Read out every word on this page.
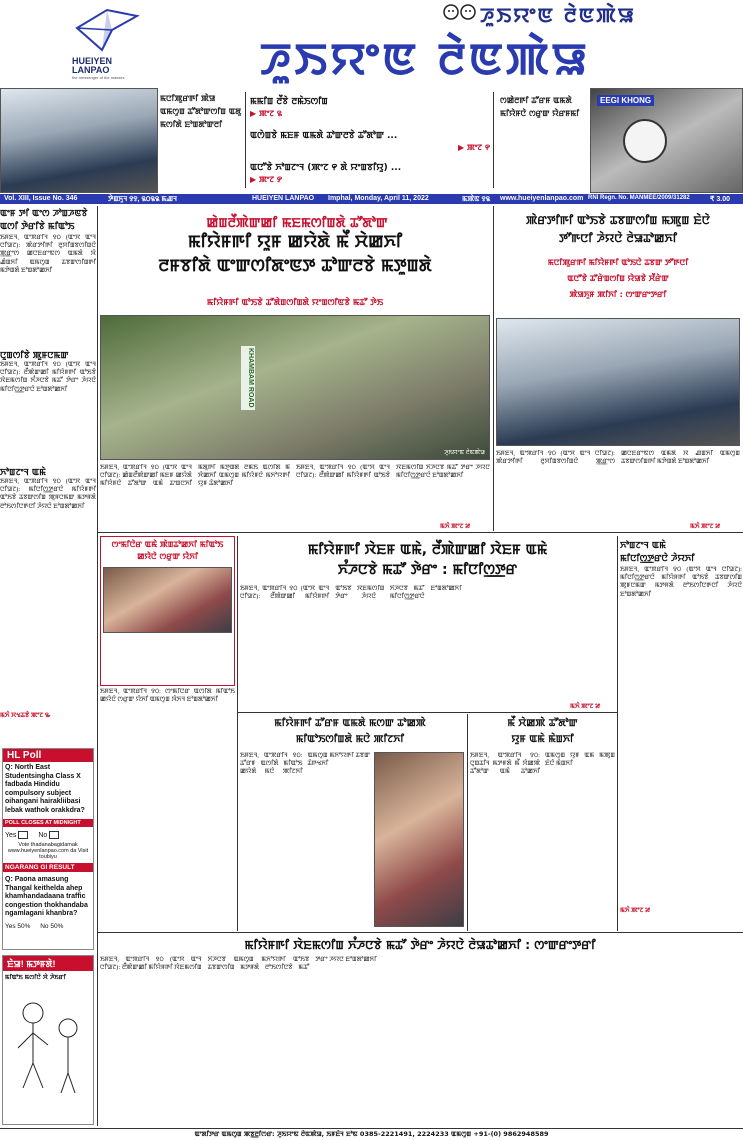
HUEIYEN LANPAO
the messenger of the masses
ꯍꯨꯏꯌꯦꯟ ꯂꯥꯟꯄꯥꯎ
ꯍꯨꯏꯌꯦꯟ ꯂꯥꯟꯄꯥꯎ
ꯃꯅꯤꯄꯨꯔꯒꯤ ꯄꯥꯎ ꯑꯃꯁꯨꯡ ꯊꯧꯗꯣꯛꯁꯤꯡ ꯑꯗꯨ ꯃꯁꯤꯗꯥ ꯐꯣꯡꯗꯣꯛꯂꯤ
ꯃꯃꯤꯡ ꯂꯩꯕꯥ ꯂꯃꯥꯏꯁꯤꯡ
▶ ꯄꯦꯖ ꯲
ꯑꯁꯥꯡꯕꯥ ꯃꯐꯝ ꯑꯃꯗꯥ ꯊꯣꯛꯂꯕꯥ ꯊꯧꯗꯣꯛ ...
▶ ꯄꯦꯖ ꯵
ꯑꯅꯧꯕꯥ ꯈꯣꯡꯖꯦꯜ (ꯄꯦꯖ ꯵ ꯗꯥ ꯌꯦꯡꯕꯤꯌꯨ) ...
▶ ꯄꯦꯖ ꯸
ꯁꯀꯥꯂꯒꯤ ꯊꯧꯔꯝ ꯑꯃꯗꯥ ꯃꯤꯌꯥꯝꯅꯥ ꯁꯔꯨꯛ ꯌꯥꯔꯝꯃꯤ
EEGI KHONG
Vol. XIII, Issue No. 346	ꯇꯥꯡꯈꯨꯜ ꯱꯱, ꯲꯰꯲꯲ ꯃꯉꯜ	HUEIYEN LANPAO Imphal, Monday, April 11, 2022	ꯃꯄꯥꯟ ꯱꯲ www.hueiyenlanpao.com RNI Regn. No. MANMEE/2009/31282	₹ 3.00
ꯑꯦꯝ ꯇꯤ ꯑꯦꯁ ꯍꯣꯡꯍꯟꯕꯥ
ꯑꯁꯤ ꯇꯥꯔꯤꯕꯥ ꯃꯤꯑꯣꯏ
ꯏꯝꯐꯥꯜ, ꯑꯦꯞꯔꯤꯜ ꯱꯰ (ꯑꯦꯆ ꯑꯦꯜ ꯅꯤꯎꯖ): ꯄꯥꯔꯇꯤꯒꯤ ꯂꯨꯆꯤꯡꯕꯁꯤꯡꯅꯥ ꯄ꯭ꯔꯦꯁ ꯀꯅꯐꯔꯦꯟꯁ ꯑꯃꯗꯥ ꯋꯥ ꯉꯥꯡꯈꯤ ꯑꯃꯁꯨꯡ ꯊꯕꯛꯁꯤꯡꯒꯤ ꯃꯇꯥꯡꯗꯥ ꯐꯣꯡꯗꯣꯀꯈꯤ
ꯅꯨꯡꯁꯤꯕꯥ ꯄꯨꯝꯅꯃꯛ
ꯏꯝꯐꯥꯜ, ꯑꯦꯞꯔꯤꯜ ꯱꯰ (ꯑꯦꯆ ꯑꯦꯜ ꯅꯤꯎꯖ): ꯂꯩꯄꯥꯛꯀꯤ ꯃꯤꯌꯥꯝꯒꯤ ꯑꯣꯏꯕꯥ ꯋꯥꯐꯃꯁꯤꯡ ꯈꯪꯍꯅꯕꯥ ꯃꯊꯧ ꯇꯥꯔꯦ ꯍꯥꯌꯅꯥ ꯃꯤꯅꯤꯁ꯭ꯇꯔꯅꯥ ꯐꯣꯡꯗꯣꯀꯈꯤ
ꯈꯣꯡꯖꯦꯜ ꯑꯃꯥ
ꯏꯝꯐꯥꯜ, ꯑꯦꯞꯔꯤꯜ ꯱꯰ (ꯑꯦꯆ ꯑꯦꯜ ꯅꯤꯎꯖ): ꯃꯤꯅꯤꯁ꯭ꯇꯔꯅꯥ ꯃꯤꯌꯥꯝꯒꯤ ꯑꯣꯏꯕꯥ ꯊꯕꯛꯁꯤꯡ ꯄꯨꯝꯅꯃꯛ ꯃꯇꯝꯗꯥ ꯂꯣꯏꯁꯤꯅꯒꯅꯤ ꯍꯥꯌꯅꯥ ꯐꯣꯡꯗꯣꯀꯈꯤ
ꯃꯈꯥ ꯆꯠꯊꯕꯥ ꯄꯦꯖ ꯳
HL Poll
Q: North East Studentsingha Class X fadbada Hindidu compulsory subject oihangani hairakliibasi lebak wathok orakkdra?
POLL CLOSES AT MIDNIGHT
Yes	No
Vote thadanabagidamak www.hueiyenlanpao.com da Visit toubiyu
NGARANG GI RESULT
Q: Paona amasung Thangal keithelda ahep khamhandadaana traffic congestion thokhandaba ngamlagani khanbra?
Yes 50% No 50%
ꯐꯥꯎ! ꯃꯇꯝꯗꯥ!
ꯃꯤꯑꯣꯏ ꯃꯁꯤꯅꯥ ꯋꯥ ꯍꯥꯏꯔꯤ
ꯀꯥꯡꯂꯩꯄꯥꯛꯀꯤ ꯃꯐꯃꯁꯤꯡꯗꯥ ꯊꯧꯗꯣꯛ
ꯃꯤꯌꯥꯝꯒꯤ ꯌꯨꯝ ꯀꯌꯥꯗꯥ ꯃꯩ ꯆꯥꯀꯈꯤ
ꯂꯝꯕꯤꯗꯥ ꯑꯦꯛꯁꯤꯗꯦꯟꯇ ꯊꯣꯛꯂꯕꯥ ꯃꯇꯨꯡꯗꯥ
ꯃꯤꯌꯥꯝꯒꯤ ꯑꯣꯏꯕꯥ ꯊꯧꯗꯥꯡꯁꯤꯡꯗꯥ ꯌꯦꯡꯁꯤꯟꯕꯥ ꯃꯊꯧ ꯇꯥꯏ
KHAMBAM ROAD
ꯍꯨꯏꯌꯦꯟ ꯂꯥꯟꯄꯥꯎ
ꯏꯝꯐꯥꯜ, ꯑꯦꯞꯔꯤꯜ ꯱꯰ (ꯑꯦꯆ ꯑꯦꯜ ꯅꯤꯎꯖ): ꯀꯥꯡꯂꯩꯄꯥꯛꯀꯤ ꯃꯐꯝ ꯀꯌꯥꯗꯥ ꯃꯤꯌꯥꯝꯅꯥ ꯊꯧꯗꯣꯛ ꯑꯃꯥ ꯊꯦꯡꯅꯈꯤ ꯃꯗꯨꯒꯤ ꯃꯇꯨꯡꯗꯥ ꯂꯃꯥꯏ ꯑꯁꯤꯗꯥ ꯃꯩ ꯆꯥꯀꯈꯤ ꯑꯃꯁꯨꯡ ꯃꯤꯌꯥꯝꯅꯥ ꯃꯈꯣꯌꯒꯤ ꯌꯨꯝ ꯊꯥꯗꯣꯀꯈꯤ
ꯏꯝꯐꯥꯜ, ꯑꯦꯞꯔꯤꯜ ꯱꯰ (ꯑꯦꯆ ꯑꯦꯜ ꯅꯤꯎꯖ): ꯂꯩꯄꯥꯛꯀꯤ ꯃꯤꯌꯥꯝꯒꯤ ꯑꯣꯏꯕꯥ ꯋꯥꯐꯃꯁꯤꯡ ꯈꯪꯍꯅꯕꯥ ꯃꯊꯧ ꯇꯥꯔꯦ ꯍꯥꯌꯅꯥ ꯃꯤꯅꯤꯁ꯭ꯇꯔꯅꯥ ꯐꯣꯡꯗꯣꯀꯈꯤ
ꯃꯈꯥ ꯄꯦꯖ ꯷
ꯄꯥꯔꯇꯤꯒꯤ ꯑꯣꯏꯕꯥ ꯊꯕꯛꯁꯤꯡ ꯃꯄꯨꯡ ꯐꯥꯅꯥ
ꯇꯧꯒꯅꯤ ꯍꯥꯌꯅꯥ ꯂꯥꯎꯊꯣꯀꯈꯤ
ꯃꯅꯤꯄꯨꯔꯒꯤ ꯃꯤꯌꯥꯝꯒꯤ ꯑꯣꯏꯅꯥ ꯊꯕꯛ ꯇꯧꯒꯅꯤ
ꯑꯅꯧꯕꯥ ꯊꯧꯔꯥꯡꯁꯤꯡ ꯌꯥꯎꯕꯥ ꯆꯩꯔꯥꯛ
ꯄꯥꯎꯈꯨꯝ ꯄꯤꯈꯤ : ꯁꯦꯛꯔꯦꯇꯔꯤ
ꯏꯝꯐꯥꯜ, ꯑꯦꯞꯔꯤꯜ ꯱꯰ (ꯑꯦꯆ ꯑꯦꯜ ꯅꯤꯎꯖ): ꯄꯥꯔꯇꯤꯒꯤ ꯂꯨꯆꯤꯡꯕꯁꯤꯡꯅꯥ ꯄ꯭ꯔꯦꯁ ꯀꯅꯐꯔꯦꯟꯁ ꯑꯃꯗꯥ ꯋꯥ ꯉꯥꯡꯈꯤ ꯑꯃꯁꯨꯡ ꯊꯕꯛꯁꯤꯡꯒꯤ ꯃꯇꯥꯡꯗꯥ ꯐꯣꯡꯗꯣꯀꯈꯤ
ꯃꯈꯥ ꯄꯦꯖ ꯷
ꯁꯦꯃꯤꯅꯥꯔ ꯑꯃꯥ ꯄꯥꯡꯊꯣꯀꯈꯤ ꯃꯤꯑꯣꯏ ꯀꯌꯥꯅꯥ ꯁꯔꯨꯛ ꯌꯥꯈꯤ
ꯏꯝꯐꯥꯜ, ꯑꯦꯞꯔꯤꯜ ꯱꯰: ꯁꯦꯃꯤꯅꯥꯔ ꯑꯁꯤꯗꯥ ꯃꯤꯑꯣꯏ ꯀꯌꯥꯅꯥ ꯁꯔꯨꯛ ꯌꯥꯈꯤ ꯑꯃꯁꯨꯡ ꯋꯥꯈꯜ ꯐꯣꯡꯗꯣꯀꯈꯤ
ꯃꯤꯌꯥꯝꯒꯤ ꯋꯥꯐꯝ ꯑꯃꯥ, ꯂꯩꯄꯥꯛꯀꯤ ꯋꯥꯐꯝ ꯑꯃꯥ
ꯈꯪꯍꯅꯕꯥ ꯃꯊꯧ ꯇꯥꯔꯦ : ꯃꯤꯅꯤꯁ꯭ꯇꯔ
ꯏꯝꯐꯥꯜ, ꯑꯦꯞꯔꯤꯜ ꯱꯰ (ꯑꯦꯆ ꯑꯦꯜ ꯅꯤꯎꯖ): ꯂꯩꯄꯥꯛꯀꯤ ꯃꯤꯌꯥꯝꯒꯤ ꯑꯣꯏꯕꯥ ꯋꯥꯐꯃꯁꯤꯡ ꯈꯪꯍꯅꯕꯥ ꯃꯊꯧ ꯇꯥꯔꯦ ꯍꯥꯌꯅꯥ ꯃꯤꯅꯤꯁ꯭ꯇꯔꯅꯥ ꯐꯣꯡꯗꯣꯀꯈꯤ
ꯃꯈꯥ ꯄꯦꯖ ꯷
ꯈꯣꯡꯖꯦꯜ ꯑꯃꯥ
ꯃꯤꯅꯤꯁ꯭ꯇꯔꯅꯥ ꯍꯥꯌꯈꯤ
ꯏꯝꯐꯥꯜ, ꯑꯦꯞꯔꯤꯜ ꯱꯰ (ꯑꯦꯆ ꯑꯦꯜ ꯅꯤꯎꯖ): ꯃꯤꯅꯤꯁ꯭ꯇꯔꯅꯥ ꯃꯤꯌꯥꯝꯒꯤ ꯑꯣꯏꯕꯥ ꯊꯕꯛꯁꯤꯡ ꯄꯨꯝꯅꯃꯛ ꯃꯇꯝꯗꯥ ꯂꯣꯏꯁꯤꯅꯒꯅꯤ ꯍꯥꯌꯅꯥ ꯐꯣꯡꯗꯣꯀꯈꯤ
ꯃꯈꯥ ꯄꯦꯖ ꯷
ꯃꯤꯌꯥꯝꯒꯤ ꯊꯧꯔꯝ ꯑꯃꯗꯥ ꯃꯁꯛ ꯊꯣꯀꯄꯥ
ꯃꯤꯑꯣꯏꯁꯤꯡꯗꯥ ꯃꯅꯥ ꯄꯤꯖꯈꯤ
ꯏꯝꯐꯥꯜ, ꯑꯦꯞꯔꯤꯜ ꯱꯰: ꯊꯧꯔꯝ ꯑꯁꯤꯗꯥ ꯃꯤꯑꯣꯏ ꯀꯌꯥꯗꯥ ꯃꯅꯥ ꯄꯤꯖꯈꯤ ꯑꯃꯁꯨꯡ ꯃꯈꯣꯌꯒꯤ ꯊꯕꯛ ꯊꯥꯒꯠꯈꯤ
ꯃꯩ ꯆꯥꯀꯄꯥ ꯊꯧꯗꯣꯛ
ꯌꯨꯝ ꯑꯃꯥ ꯃꯥꯡꯈꯤ
ꯏꯝꯐꯥꯜ, ꯑꯦꯞꯔꯤꯜ ꯱꯰: ꯅꯨꯡꯊꯤꯜ ꯃꯇꯝꯗꯥ ꯃꯩ ꯆꯥꯀꯄꯥ ꯊꯧꯗꯣꯛ ꯑꯃꯥ ꯊꯣꯀꯈꯤ ꯑꯃꯁꯨꯡ ꯌꯨꯝ ꯑꯃꯥ ꯃꯄꯨꯡ ꯐꯥꯅꯥ ꯃꯥꯡꯈꯤ
ꯃꯤꯌꯥꯝꯒꯤ ꯋꯥꯐꯃꯁꯤꯡ ꯈꯪꯍꯅꯕꯥ ꯃꯊꯧ ꯇꯥꯔꯦ ꯍꯥꯌꯅꯥ ꯂꯥꯎꯊꯣꯀꯈꯤ : ꯁꯦꯛꯔꯦꯇꯔꯤ
ꯏꯝꯐꯥꯜ, ꯑꯦꯞꯔꯤꯜ ꯱꯰ (ꯑꯦꯆ ꯑꯦꯜ ꯅꯤꯎꯖ): ꯂꯩꯄꯥꯛꯀꯤ ꯃꯤꯌꯥꯝꯒꯤ ꯋꯥꯐꯃꯁꯤꯡ ꯈꯪꯍꯅꯕꯥ ꯑꯃꯁꯨꯡ ꯃꯈꯣꯌꯒꯤ ꯑꯣꯏꯕꯥ ꯊꯕꯛꯁꯤꯡ ꯃꯇꯝꯗꯥ ꯂꯣꯏꯁꯤꯅꯕꯥ ꯃꯊꯧ ꯇꯥꯔꯦ ꯍꯥꯌꯅꯥ ꯐꯣꯡꯗꯣꯀꯈꯤ
ꯑꯦꯗꯤꯇꯔ ꯑꯃꯁꯨꯡ ꯄꯕ꯭ꯂꯤꯁꯔ: ꯍꯨꯏꯌꯦꯟ ꯂꯥꯟꯄꯥꯎ, ꯏꯝꯐꯥꯜ ꯐꯣꯟ 0385-2221491, 2224233 ꯑꯃꯁꯨꯡ +91-(0) 9862948589
